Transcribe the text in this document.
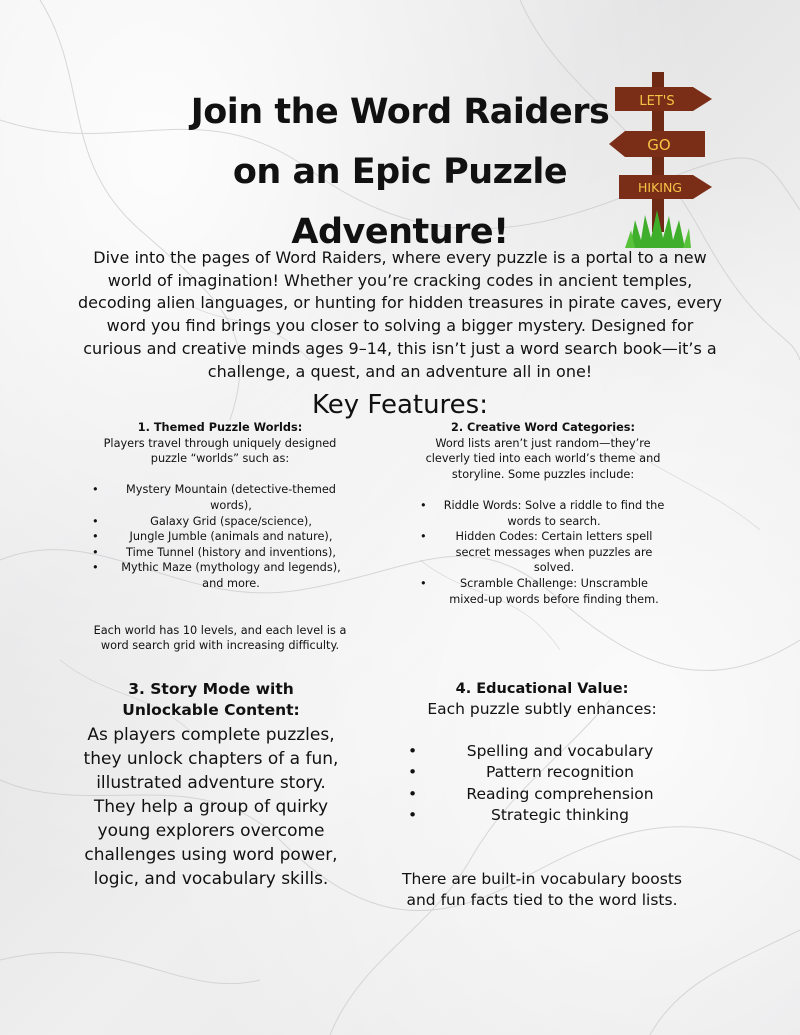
Join the Word Raiders
on an Epic Puzzle
Adventure!
LET'S
GO
HIKING

Dive into the pages of Word Raiders, where every puzzle is a portal to a new world of imagination! Whether you’re cracking codes in ancient temples, decoding alien languages, or hunting for hidden treasures in pirate caves, every word you find brings you closer to solving a bigger mystery. Designed for curious and creative minds ages 9–14, this isn’t just a word search book—it’s a challenge, a quest, and an adventure all in one!

Key Features:
1. Themed Puzzle Worlds:

Players travel through uniquely designed puzzle “worlds” such as:

• Mystery Mountain (detective-themed words),
• Galaxy Grid (space/science),
• Jungle Jumble (animals and nature),
• Time Tunnel (history and inventions),
• Mythic Maze (mythology and legends), and more.

Each world has 10 levels, and each level is a word search grid with increasing difficulty.

2. Creative Word Categories:

Word lists aren’t just random—they’re cleverly tied into each world’s theme and storyline. Some puzzles include:

• Riddle Words: Solve a riddle to find the words to search.
• Hidden Codes: Certain letters spell secret messages when puzzles are solved.
• Scramble Challenge: Unscramble mixed-up words before finding them.
3. Story Mode with
Unlockable Content:

As players complete puzzles, they unlock chapters of a fun, illustrated adventure story. They help a group of quirky young explorers overcome challenges using word power, logic, and vocabulary skills.

4. Educational Value:

Each puzzle subtly enhances:

• Spelling and vocabulary
• Pattern recognition
• Reading comprehension
• Strategic thinking

There are built-in vocabulary boosts and fun facts tied to the word lists.
